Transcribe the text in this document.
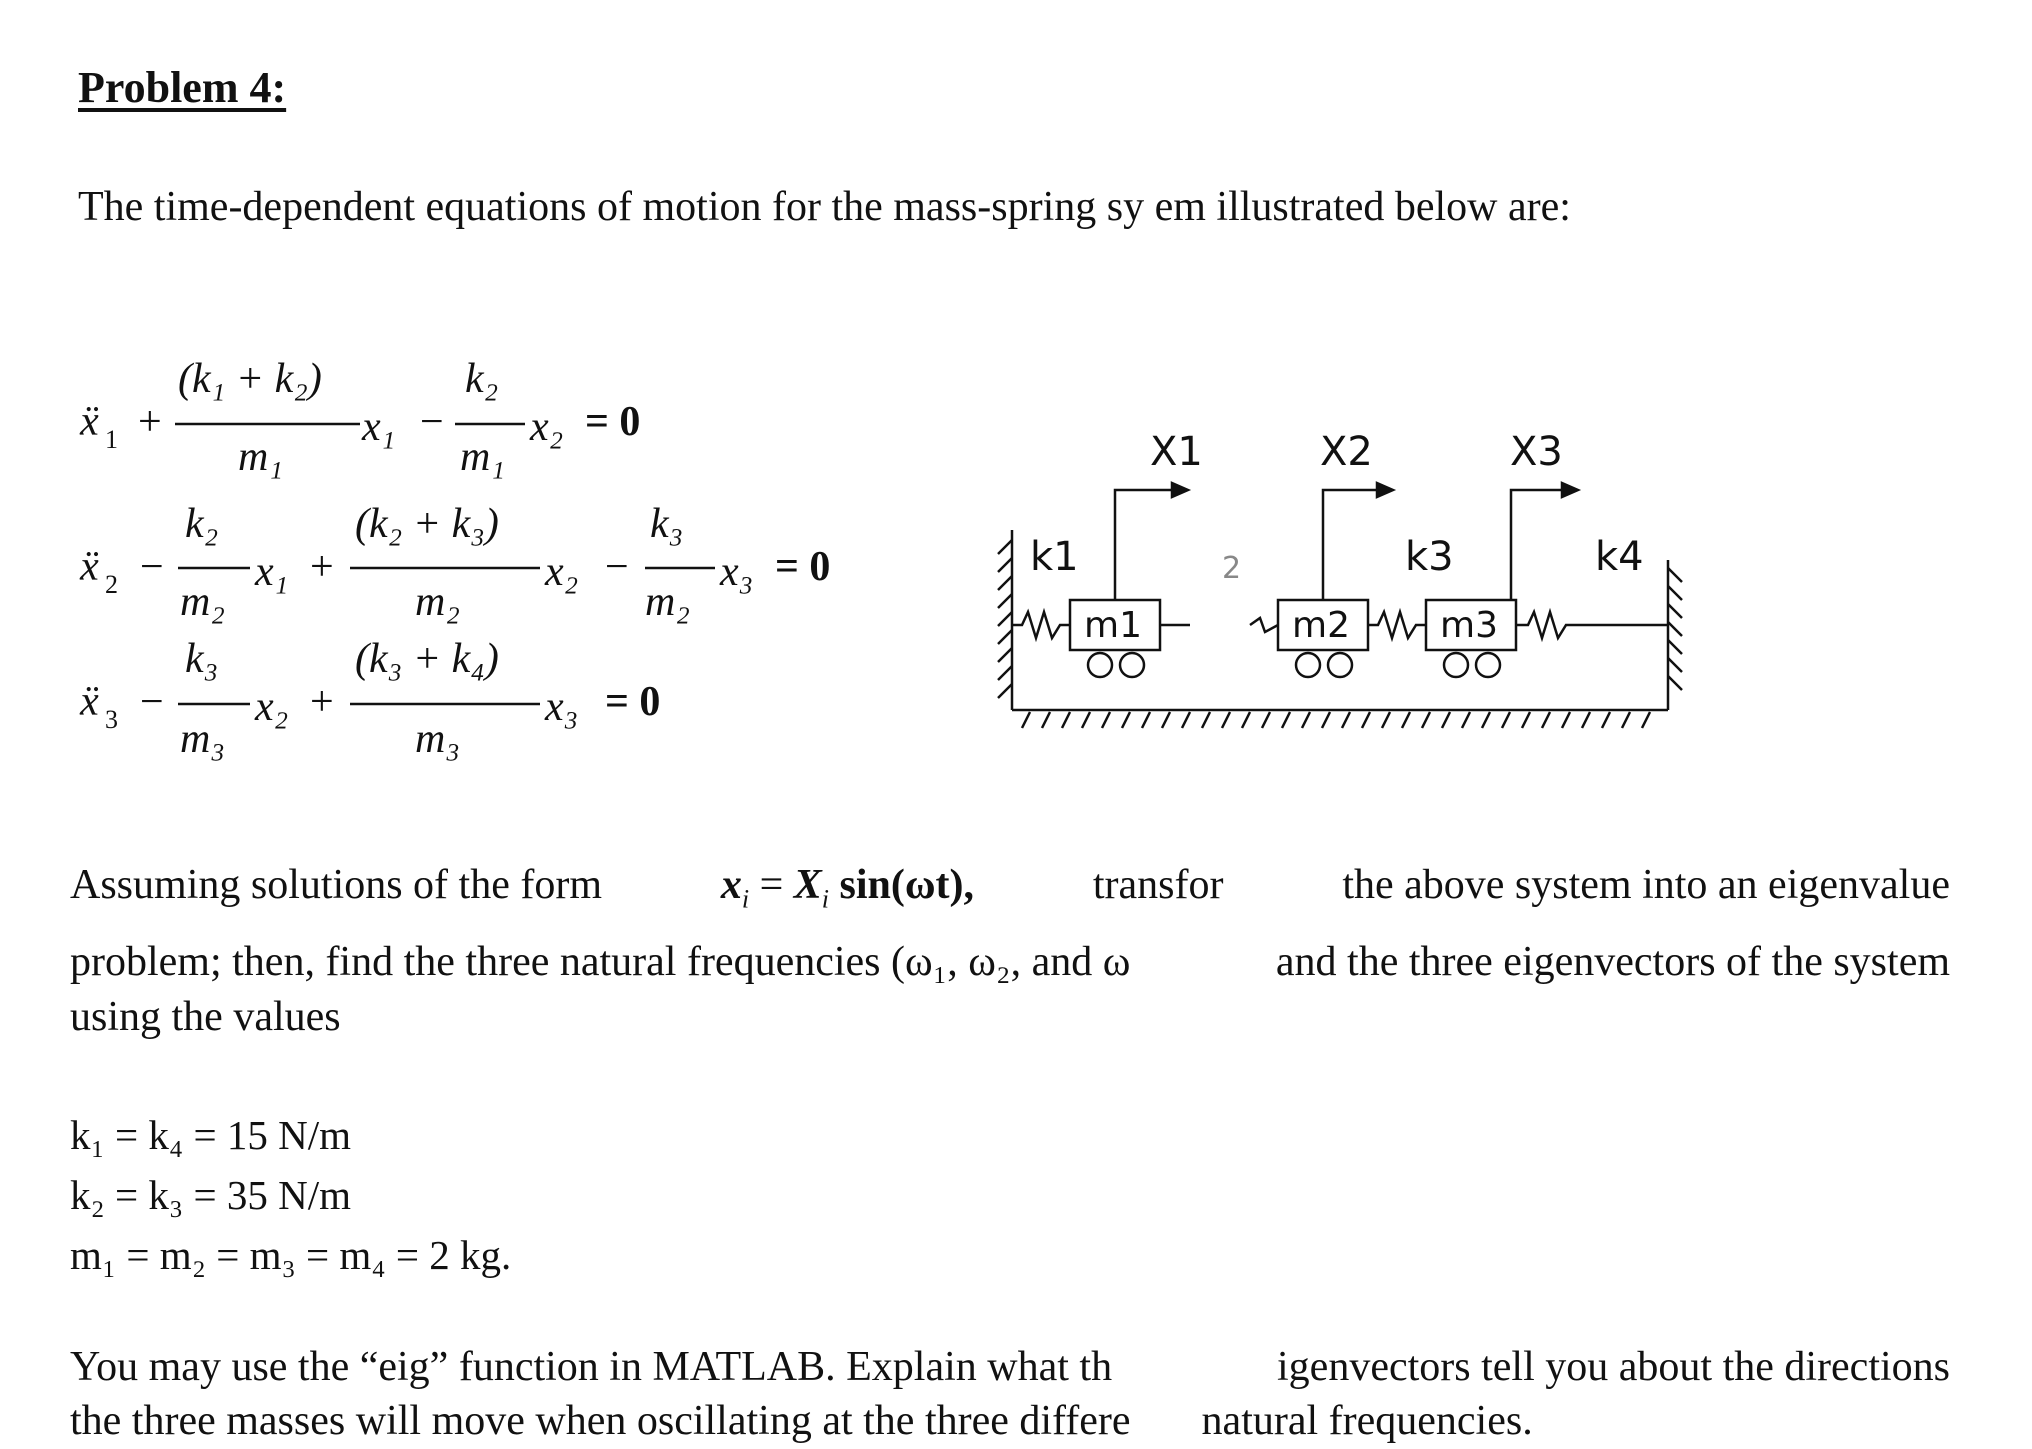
Problem 4:
The time-dependent equations of motion for the mass-spring sy em illustrated below are:
ẍ 1 +
(k₁ + k₂)
m₁
x₁ −
k₂
m₁
x₂ = 0
ẍ 2 −
k₂
m₂
x₁ +
(k₂ + k₃)
m₂
x₂ −
k₃
m₂
x₃ = 0
ẍ 3 −
k₃
m₃
x₂ +
(k₃ + k₄)
m₃
x₃ = 0
X1	X2	X3
k1	k3	k4
m1	m2	m3
2
Assuming solutions of the form	$x_i = X_i$ sin(ωt),	transfor	the above system into an eigenvalue
problem; then, find the three natural frequencies (ω₁, ω₂, and ω	and the three eigenvectors of the system
using the values
k₁ = k₄ = 15 N/m
k₂ = k₃ = 35 N/m
m₁ = m₂ = m₃ = m₄ = 2 kg.
You may use the “eig” function in MATLAB. Explain what th	igenvectors tell you about the directions
the three masses will move when oscillating at the three differe natural frequencies.
